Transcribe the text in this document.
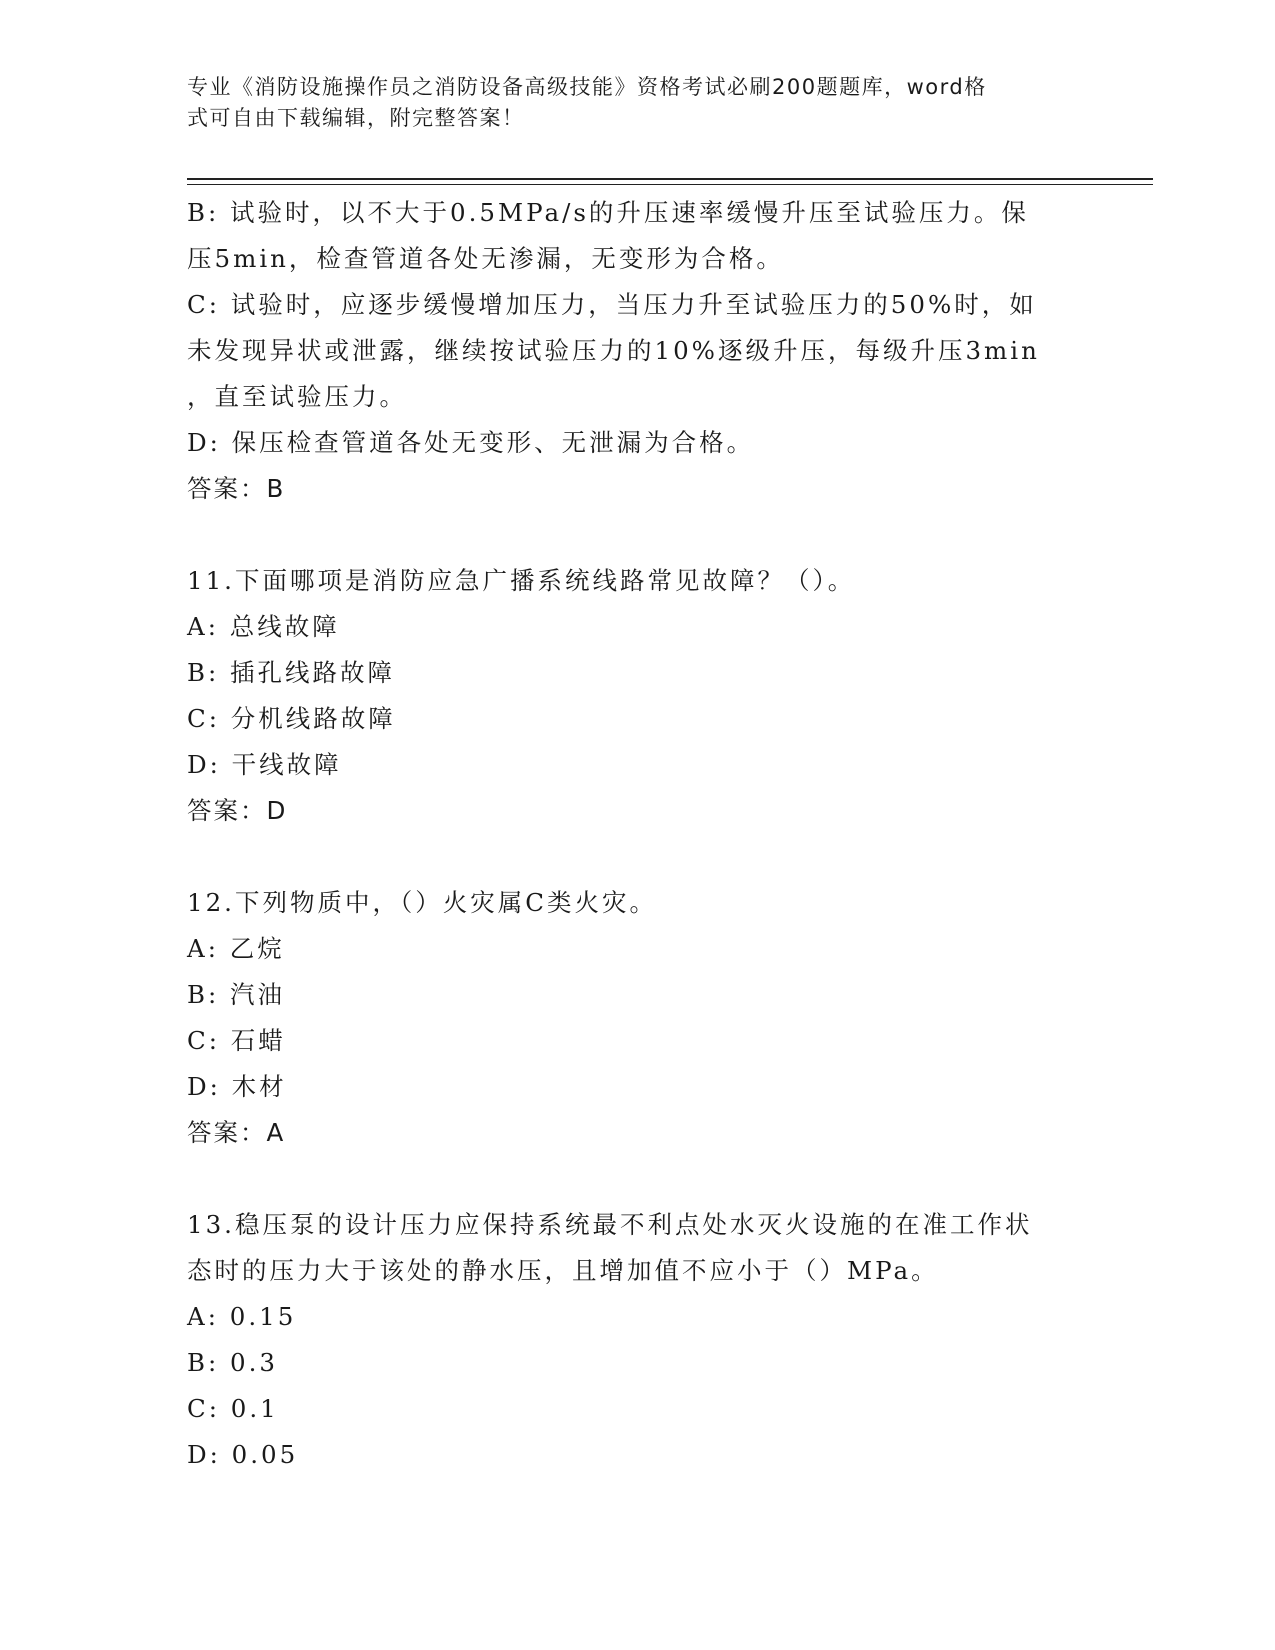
专业《消防设施操作员之消防设备高级技能》资格考试必刷200题题库，word格
式可自由下载编辑，附完整答案！
B: 试验时，以不大于0.5MPa/s的升压速率缓慢升压至试验压力。保
压5min，检查管道各处无渗漏，无变形为合格。
C: 试验时，应逐步缓慢增加压力，当压力升至试验压力的50%时，如
未发现异状或泄露，继续按试验压力的10%逐级升压，每级升压3min
，直至试验压力。
D: 保压检查管道各处无变形、无泄漏为合格。
答案：B
11.下面哪项是消防应急广播系统线路常见故障？（）。
A: 总线故障
B: 插孔线路故障
C: 分机线路故障
D: 干线故障
答案：D
12.下列物质中，（）火灾属C类火灾。
A: 乙烷
B: 汽油
C: 石蜡
D: 木材
答案：A
13.稳压泵的设计压力应保持系统最不利点处水灭火设施的在准工作状
态时的压力大于该处的静水压，且增加值不应小于（）MPa。
A: 0.15
B: 0.3
C: 0.1
D: 0.05
